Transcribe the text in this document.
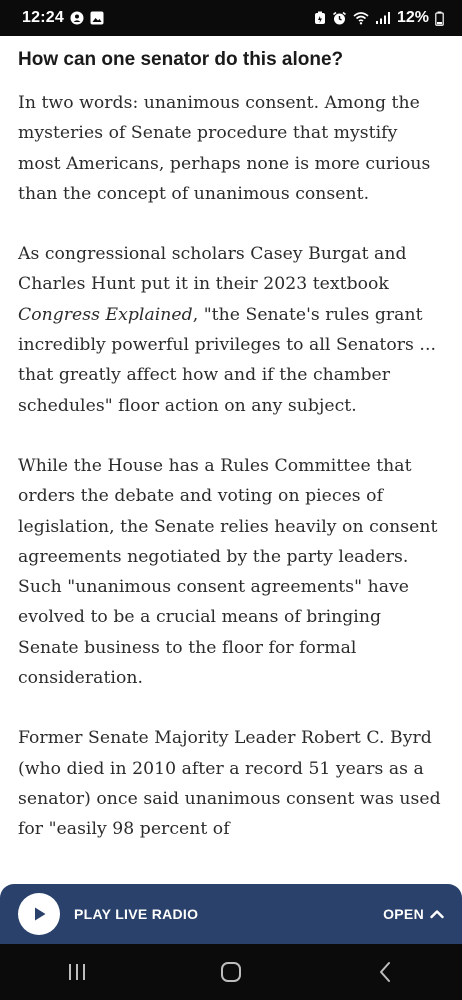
12:24	12%
How can one senator do this alone?

In two words: unanimous consent. Among the mysteries of Senate procedure that mystify most Americans, perhaps none is more curious than the concept of unanimous consent.

As congressional scholars Casey Burgat and Charles Hunt put it in their 2023 textbook Congress Explained, "the Senate's rules grant incredibly powerful privileges to all Senators ... that greatly affect how and if the chamber schedules" floor action on any subject.

While the House has a Rules Committee that orders the debate and voting on pieces of legislation, the Senate relies heavily on consent agreements negotiated by the party leaders. Such "unanimous consent agreements" have evolved to be a crucial means of bringing Senate business to the floor for formal consideration.

Former Senate Majority Leader Robert C. Byrd (who died in 2010 after a record 51 years as a senator) once said unanimous consent was used for "easily 98 percent of

PLAY LIVE RADIO	OPEN
